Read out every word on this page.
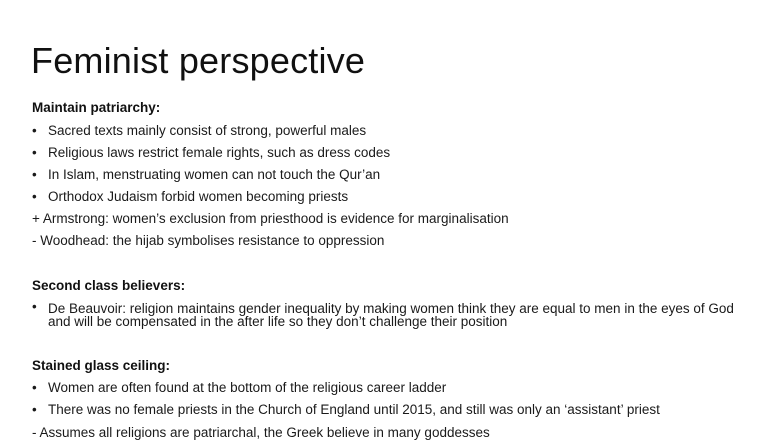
Feminist perspective
Maintain patriarchy:
• Sacred texts mainly consist of strong, powerful males
• Religious laws restrict female rights, such as dress codes
• In Islam, menstruating women can not touch the Qur’an
• Orthodox Judaism forbid women becoming priests
+ Armstrong: women’s exclusion from priesthood is evidence for marginalisation
- Woodhead: the hijab symbolises resistance to oppression
Second class believers:
• De Beauvoir: religion maintains gender inequality by making women think they are equal to men in the eyes of God and will be compensated in the after life so they don’t challenge their position
Stained glass ceiling:
• Women are often found at the bottom of the religious career ladder
• There was no female priests in the Church of England until 2015, and still was only an ‘assistant’ priest
- Assumes all religions are patriarchal, the Greek believe in many goddesses
